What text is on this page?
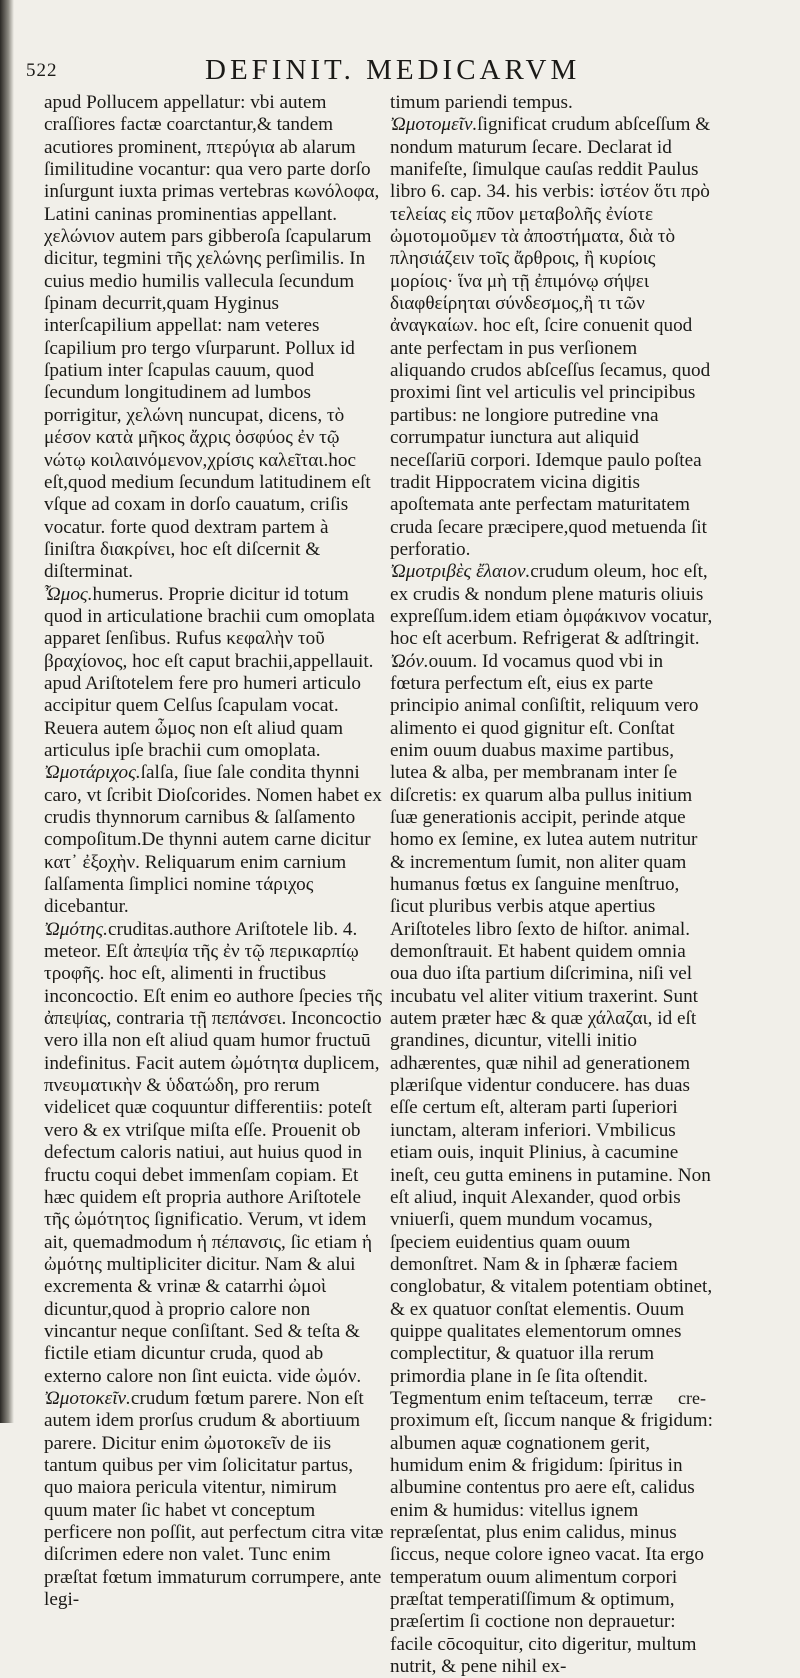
522	DEFINIT. MEDICARVM

apud Pollucem appellatur: vbi autem craſſiores factæ coarctantur,& tandem acutiores prominent, πτερύγια ab alarum ſimilitudine vocantur: qua vero parte dorſo inſurgunt iuxta primas vertebras κωνόλοφα, Latini caninas prominentias appellant. χελώνιον autem pars gibberoſa ſcapularum dicitur, tegmini τῆς χελώνης perſimilis. In cuius medio humilis vallecula ſecundum ſpinam decurrit,quam Hyginus interſcapilium appellat: nam veteres ſcapilium pro tergo vſurparunt. Pollux id ſpatium inter ſcapulas cauum, quod ſecundum longitudinem ad lumbos porrigitur, χελώνη nuncupat, dicens, τὸ μέσον κατὰ μῆκος ἄχρις ὀσφύος ἐν τῷ νώτῳ κοιλαινόμενον,χρίσις καλεῖται.hoc eſt,quod medium ſecundum latitudinem eſt vſque ad coxam in dorſo cauatum, criſis vocatur. forte quod dextram partem à ſiniſtra διακρίνει, hoc eſt diſcernit & diſterminat.

Ὦμος.humerus. Proprie dicitur id totum quod in articulatione brachii cum omoplata apparet ſenſibus. Rufus κεφαλὴν τοῦ βραχίονος, hoc eſt caput brachii,appellauit. apud Ariſtotelem fere pro humeri articulo accipitur quem Celſus ſcapulam vocat. Reuera autem ὦμος non eſt aliud quam articulus ipſe brachii cum omoplata.

Ὠμοτάριχος.ſalſa, ſiue ſale condita thynni caro, vt ſcribit Dioſcorides. Nomen habet ex crudis thynnorum carnibus & ſalſamento compoſitum.De thynni autem carne dicitur κατ᾽ ἐξοχὴν. Reliquarum enim carnium ſalſamenta ſimplici nomine τάριχος dicebantur.

Ὠμότης.cruditas.authore Ariſtotele lib. 4. meteor. Eſt ἀπεψία τῆς ἐν τῷ περικαρπίῳ τροφῆς. hoc eſt, alimenti in fructibus inconcoctio. Eſt enim eo authore ſpecies τῆς ἀπεψίας, contraria τῇ πεπάνσει. Inconcoctio vero illa non eſt aliud quam humor fructuū indefinitus. Facit autem ὠμότητα duplicem, πνευματικὴν & ὑδατώδη, pro rerum videlicet quæ coquuntur differentiis: poteſt vero & ex vtriſque miſta eſſe. Prouenit ob defectum caloris natiui, aut huius quod in fructu coqui debet immenſam copiam. Et hæc quidem eſt propria authore Ariſtotele τῆς ὠμότητος ſignificatio. Verum, vt idem ait, quemadmodum ἡ πέπανσις, ſic etiam ἡ ὠμότης multipliciter dicitur. Nam & alui excrementa & vrinæ & catarrhi ὠμοὶ dicuntur,quod à proprio calore non vincantur neque conſiſtant. Sed & teſta & fictile etiam dicuntur cruda, quod ab externo calore non ſint euicta. vide ὠμόν.

Ὠμοτοκεῖν.crudum fœtum parere. Non eſt autem idem prorſus crudum & abortiuum parere. Dicitur enim ὠμοτοκεῖν de iis tantum quibus per vim ſolicitatur partus, quo maiora pericula vitentur, nimirum quum mater ſic habet vt conceptum perficere non poſſit, aut perfectum citra vitæ diſcrimen edere non valet. Tunc enim præſtat fœtum immaturum corrumpere, ante legi-

timum pariendi tempus.

Ὠμοτομεῖν.ſignificat crudum abſceſſum & nondum maturum ſecare. Declarat id manifeſte, ſimulque cauſas reddit Paulus libro 6. cap. 34. his verbis: ἰστέον ὅτι πρὸ τελείας εἰς πῦον μεταβολῆς ἐνίοτε ὠμοτομοῦμεν τὰ ἀποστήματα, διὰ τὸ πλησιάζειν τοῖς ἄρθροις, ἢ κυρίοις μορίοις· ἵνα μὴ τῇ ἐπιμόνῳ σήψει διαφθείρηται σύνδεσμος,ἢ τι τῶν ἀναγκαίων. hoc eſt, ſcire conuenit quod ante perfectam in pus verſionem aliquando crudos abſceſſus ſecamus, quod proximi ſint vel articulis vel principibus partibus: ne longiore putredine vna corrumpatur iunctura aut aliquid neceſſariū corpori. Idemque paulo poſtea tradit Hippocratem vicina digitis apoſtemata ante perfectam maturitatem cruda ſecare præcipere,quod metuenda ſit perforatio.

Ὠμοτριβὲς ἔλαιον.crudum oleum, hoc eſt, ex crudis & nondum plene maturis oliuis expreſſum.idem etiam ὀμφάκινον vocatur, hoc eſt acerbum. Refrigerat & adſtringit.

Ὠόν.ouum. Id vocamus quod vbi in fœtura perfectum eſt, eius ex parte principio animal conſiſtit, reliquum vero alimento ei quod gignitur eſt. Conſtat enim ouum duabus maxime partibus, lutea & alba, per membranam inter ſe diſcretis: ex quarum alba pullus initium ſuæ generationis accipit, perinde atque homo ex ſemine, ex lutea autem nutritur & incrementum ſumit, non aliter quam humanus fœtus ex ſanguine menſtruo, ſicut pluribus verbis atque apertius Ariſtoteles libro ſexto de hiſtor. animal. demonſtrauit. Et habent quidem omnia oua duo iſta partium diſcrimina, niſi vel incubatu vel aliter vitium traxerint. Sunt autem præter hæc & quæ χάλαζαι, id eſt grandines, dicuntur, vitelli initio adhærentes, quæ nihil ad generationem plæriſque videntur conducere. has duas eſſe certum eſt, alteram parti ſuperiori iunctam, alteram inferiori. Vmbilicus etiam ouis, inquit Plinius, à cacumine ineſt, ceu gutta eminens in putamine. Non eſt aliud, inquit Alexander, quod orbis vniuerſi, quem mundum vocamus, ſpeciem euidentius quam ouum demonſtret. Nam & in ſphæræ faciem conglobatur, & vitalem potentiam obtinet, & ex quatuor conſtat elementis. Ouum quippe qualitates elementorum omnes complectitur, & quatuor illa rerum primordia plane in ſe ſita oſtendit. Tegmentum enim teſtaceum, terræ proximum eſt, ſiccum nanque & frigidum: albumen aquæ cognationem gerit, humidum enim & frigidum: ſpiritus in albumine contentus pro aere eſt, calidus enim & humidus: vitellus ignem repræſentat, plus enim calidus, minus ſiccus, neque colore igneo vacat. Ita ergo temperatum ouum alimentum corpori præſtat temperatiſſimum & optimum, præſertim ſi coctione non deprauetur: facile cōcoquitur, cito digeritur, multum nutrit, & pene nihil ex-

cre-
